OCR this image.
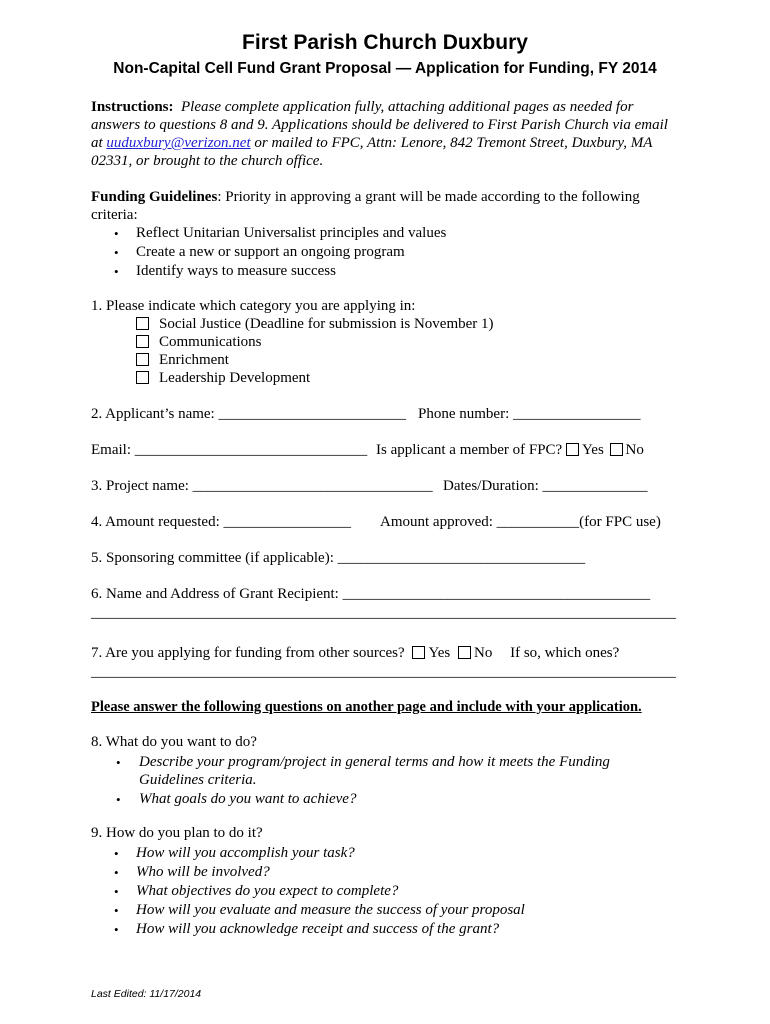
First Parish Church Duxbury
Non-Capital Cell Fund Grant Proposal — Application for Funding, FY 2014
Instructions: Please complete application fully, attaching additional pages as needed for
answers to questions 8 and 9. Applications should be delivered to First Parish Church via email
at uuduxbury@verizon.net or mailed to FPC, Attn: Lenore, 842 Tremont Street, Duxbury, MA
02331, or brought to the church office.
Funding Guidelines: Priority in approving a grant will be made according to the following
criteria:
• Reflect Unitarian Universalist principles and values
• Create a new or support an ongoing program
• Identify ways to measure success
1. Please indicate which category you are applying in:
Social Justice (Deadline for submission is November 1)
Communications
Enrichment
Leadership Development
2. Applicant’s name: _________________________ Phone number: _________________
Email: _______________________________ Is applicant a member of FPC? Yes No
3. Project name: ________________________________ Dates/Duration: ______________
4. Amount requested: _________________ Amount approved: ___________(for FPC use)
5. Sponsoring committee (if applicable): _________________________________
6. Name and Address of Grant Recipient: _________________________________________
______________________________________________________________________________
7. Are you applying for funding from other sources? Yes No If so, which ones?
______________________________________________________________________________
Please answer the following questions on another page and include with your application.
8. What do you want to do?
• Describe your program/project in general terms and how it meets the Funding
Guidelines criteria.
• What goals do you want to achieve?
9. How do you plan to do it?
• How will you accomplish your task?
• Who will be involved?
• What objectives do you expect to complete?
• How will you evaluate and measure the success of your proposal
• How will you acknowledge receipt and success of the grant?
Last Edited: 11/17/2014
